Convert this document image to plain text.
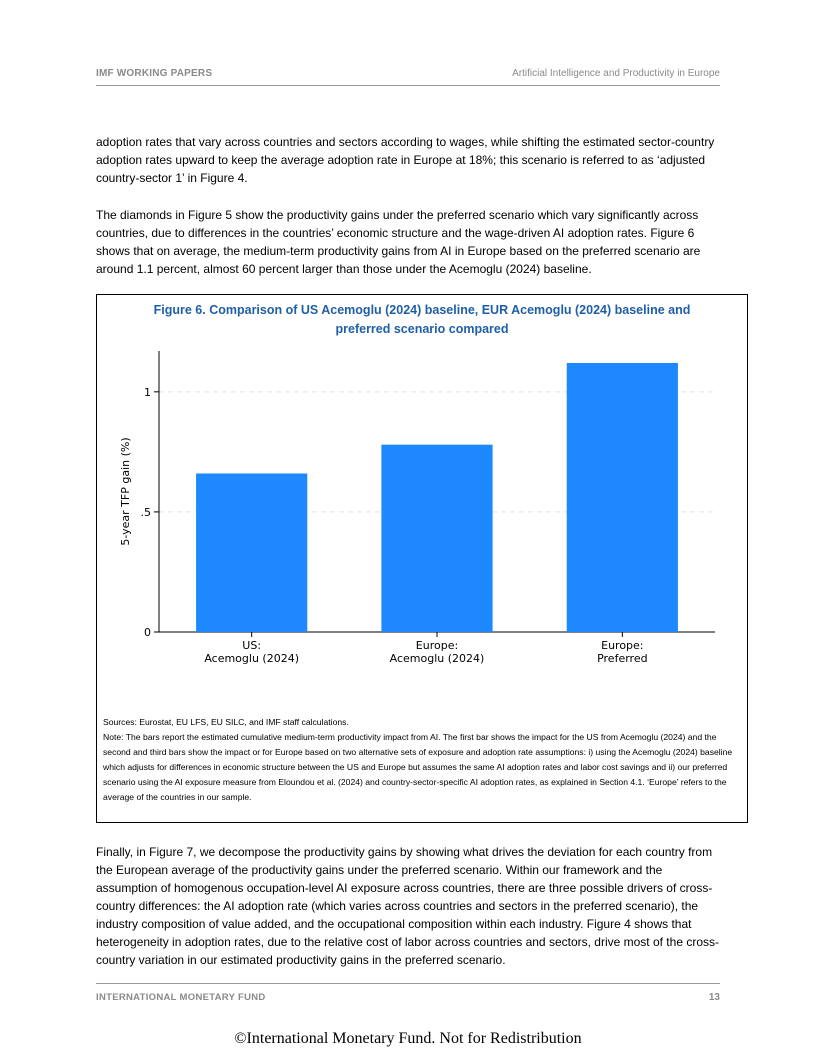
IMF WORKING PAPERS	Artificial Intelligence and Productivity in Europe
adoption rates that vary across countries and sectors according to wages, while shifting the estimated sector-country adoption rates upward to keep the average adoption rate in Europe at 18%; this scenario is referred to as ‘adjusted country-sector 1’ in Figure 4.
The diamonds in Figure 5 show the productivity gains under the preferred scenario which vary significantly across countries, due to differences in the countries’ economic structure and the wage-driven AI adoption rates. Figure 6 shows that on average, the medium-term productivity gains from AI in Europe based on the preferred scenario are around 1.1 percent, almost 60 percent larger than those under the Acemoglu (2024) baseline.
Figure 6. Comparison of US Acemoglu (2024) baseline, EUR Acemoglu (2024) baseline and preferred scenario compared
0
.5
1
5-year TFP gain (%)
US:
Acemoglu (2024)
Europe:
Acemoglu (2024)
Europe:
Preferred

Sources: Eurostat, EU LFS, EU SILC, and IMF staff calculations.

Note: The bars report the estimated cumulative medium-term productivity impact from AI. The first bar shows the impact for the US from Acemoglu (2024) and the second and third bars show the impact or for Europe based on two alternative sets of exposure and adoption rate assumptions: i) using the Acemoglu (2024) baseline which adjusts for differences in economic structure between the US and Europe but assumes the same AI adoption rates and labor cost savings and ii) our preferred scenario using the AI exposure measure from Eloundou et al. (2024) and country-sector-specific AI adoption rates, as explained in Section 4.1. ‘Europe’ refers to the average of the countries in our sample.

Finally, in Figure 7, we decompose the productivity gains by showing what drives the deviation for each country from the European average of the productivity gains under the preferred scenario. Within our framework and the assumption of homogenous occupation-level AI exposure across countries, there are three possible drivers of cross-country differences: the AI adoption rate (which varies across countries and sectors in the preferred scenario), the industry composition of value added, and the occupational composition within each industry. Figure 4 shows that heterogeneity in adoption rates, due to the relative cost of labor across countries and sectors, drive most of the cross-country variation in our estimated productivity gains in the preferred scenario.
INTERNATIONAL MONETARY FUND	13
©International Monetary Fund. Not for Redistribution
